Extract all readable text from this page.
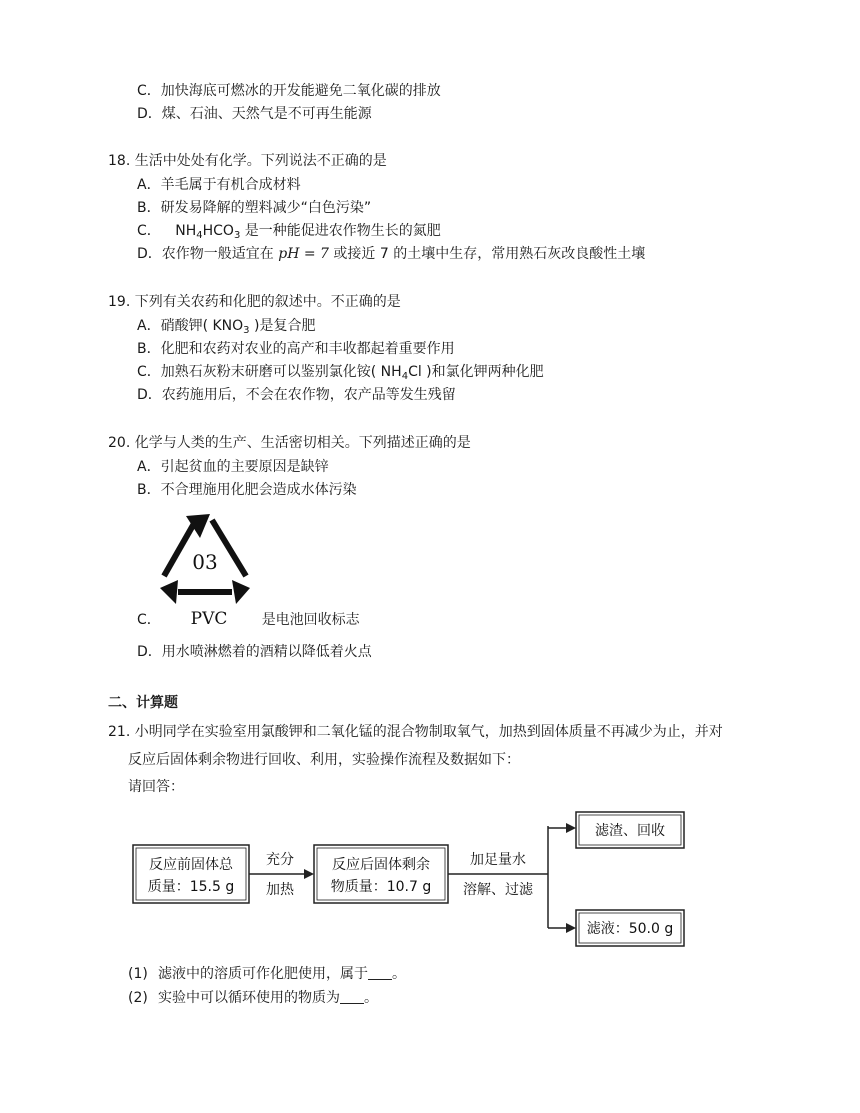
C．加快海底可燃冰的开发能避免二氧化碳的排放
D．煤、石油、天然气是不可再生能源
18. 生活中处处有化学。下列说法不正确的是
A．羊毛属于有机合成材料
B．研发易降解的塑料减少“白色污染”
C． $NH_4HCO_3$ 是一种能促进农作物生长的氮肥
D．农作物一般适宜在 pH = 7 或接近 7 的土壤中生存，常用熟石灰改良酸性土壤
19. 下列有关农药和化肥的叙述中。不正确的是
A．硝酸钾( $KNO_3$ )是复合肥
B．化肥和农药对农业的高产和丰收都起着重要作用
C．加熟石灰粉末研磨可以鉴别氯化铵( $NH_4Cl$ )和氯化钾两种化肥
D．农药施用后，不会在农作物，农产品等发生残留
20. 化学与人类的生产、生活密切相关。下列描述正确的是
A．引起贫血的主要原因是缺锌
B．不合理施用化肥会造成水体污染
03
PVC
C．	是电池回收标志
D．用水喷淋燃着的酒精以降低着火点
二、计算题
21. 小明同学在实验室用氯酸钾和二氧化锰的混合物制取氧气，加热到固体质量不再减少为止，并对
反应后固体剩余物进行回收、利用，实验操作流程及数据如下：
请回答：
反应前固体总
质量：15.5 g
充分
加热
反应后固体剩余
物质量：10.7 g
加足量水
溶解、过滤
滤渣、回收
滤液：50.0 g
(1) 滤液中的溶质可作化肥使用，属于 。
(2) 实验中可以循环使用的物质为 。
